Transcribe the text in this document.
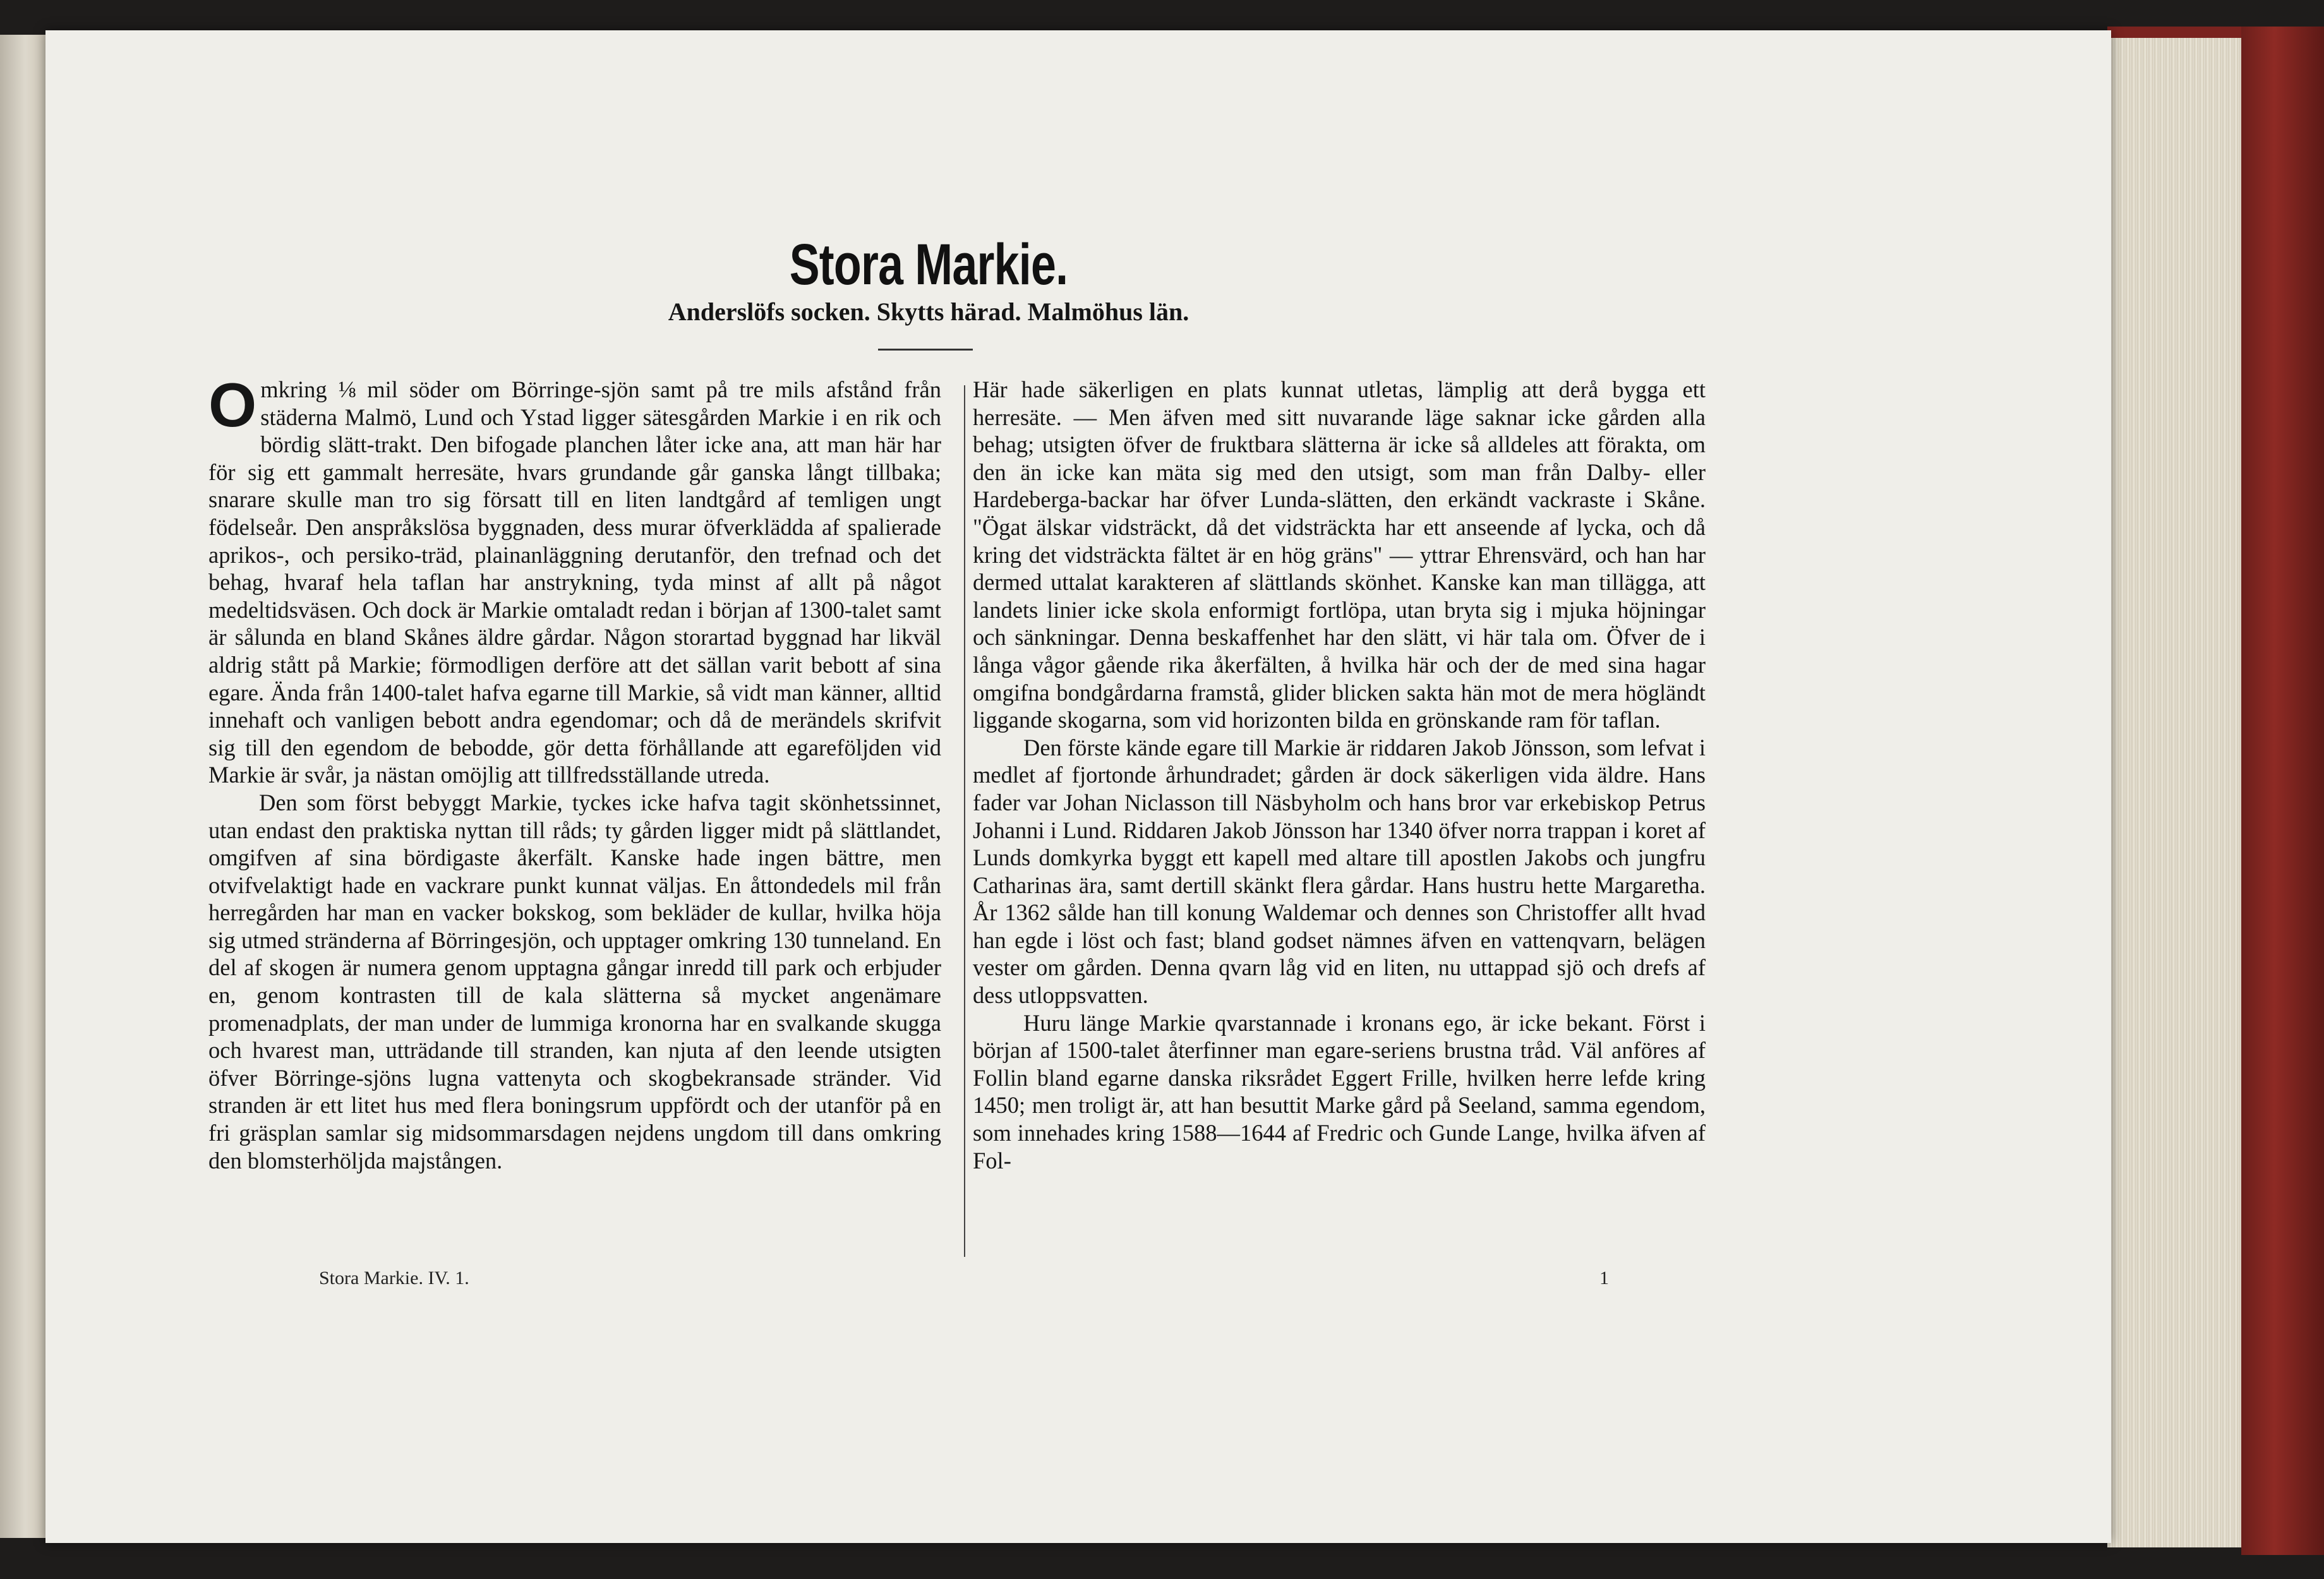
Stora Markie.
Anderslöfs socken. Skytts härad. Malmöhus län.

Omkring ⅛ mil söder om Börringe-sjön samt på tre mils afstånd från städerna Malmö, Lund och Ystad ligger sätesgården Markie i en rik och bördig slätt-trakt. Den bifogade planchen låter icke ana, att man här har för sig ett gammalt herresäte, hvars grundande går ganska långt tillbaka; snarare skulle man tro sig försatt till en liten landtgård af temligen ungt födelseår. Den anspråkslösa byggnaden, dess murar öfverklädda af spalierade aprikos-, och persiko-träd, plainanläggning derutanför, den trefnad och det behag, hvaraf hela taflan har anstrykning, tyda minst af allt på något medeltidsväsen. Och dock är Markie omtaladt redan i början af 1300-talet samt är sålunda en bland Skånes äldre gårdar. Någon storartad byggnad har likväl aldrig stått på Markie; förmodligen derföre att det sällan varit bebott af sina egare. Ända från 1400-talet hafva egarne till Markie, så vidt man känner, alltid innehaft och vanligen bebott andra egendomar; och då de merändels skrifvit sig till den egendom de bebodde, gör detta förhållande att egareföljden vid Markie är svår, ja nästan omöjlig att tillfredsställande utreda.

Den som först bebyggt Markie, tyckes icke hafva tagit skönhetssinnet, utan endast den praktiska nyttan till råds; ty gården ligger midt på slättlandet, omgifven af sina bördigaste åkerfält. Kanske hade ingen bättre, men otvifvelaktigt hade en vackrare punkt kunnat väljas. En åttondedels mil från herregården har man en vacker bokskog, som bekläder de kullar, hvilka höja sig utmed stränderna af Börringesjön, och upptager omkring 130 tunneland. En del af skogen är numera genom upptagna gångar inredd till park och erbjuder en, genom kontrasten till de kala slätterna så mycket angenämare promenadplats, der man under de lummiga kronorna har en svalkande skugga och hvarest man, utträdande till stranden, kan njuta af den leende utsigten öfver Börringe-sjöns lugna vattenyta och skogbekransade stränder. Vid stranden är ett litet hus med flera boningsrum uppfördt och der utanför på en fri gräsplan samlar sig midsommarsdagen nejdens ungdom till dans omkring den blomsterhöljda majstången.

Här hade säkerligen en plats kunnat utletas, lämplig att derå bygga ett herresäte. — Men äfven med sitt nuvarande läge saknar icke gården alla behag; utsigten öfver de fruktbara slätterna är icke så alldeles att förakta, om den än icke kan mäta sig med den utsigt, som man från Dalby- eller Hardeberga-backar har öfver Lunda-slätten, den erkändt vackraste i Skåne. "Ögat älskar vidsträckt, då det vidsträckta har ett anseende af lycka, och då kring det vidsträckta fältet är en hög gräns" — yttrar Ehrensvärd, och han har dermed uttalat karakteren af slättlands skönhet. Kanske kan man tillägga, att landets linier icke skola enformigt fortlöpa, utan bryta sig i mjuka höjningar och sänkningar. Denna beskaffenhet har den slätt, vi här tala om. Öfver de i långa vågor gående rika åkerfälten, å hvilka här och der de med sina hagar omgifna bondgårdarna framstå, glider blicken sakta hän mot de mera högländt liggande skogarna, som vid horizonten bilda en grönskande ram för taflan.

Den förste kände egare till Markie är riddaren Jakob Jönsson, som lefvat i medlet af fjortonde århundradet; gården är dock säkerligen vida äldre. Hans fader var Johan Niclasson till Näsbyholm och hans bror var erkebiskop Petrus Johanni i Lund. Riddaren Jakob Jönsson har 1340 öfver norra trappan i koret af Lunds domkyrka byggt ett kapell med altare till apostlen Jakobs och jungfru Catharinas ära, samt dertill skänkt flera gårdar. Hans hustru hette Margaretha. År 1362 sålde han till konung Waldemar och dennes son Christoffer allt hvad han egde i löst och fast; bland godset nämnes äfven en vattenqvarn, belägen vester om gården. Denna qvarn låg vid en liten, nu uttappad sjö och drefs af dess utloppsvatten.

Huru länge Markie qvarstannade i kronans ego, är icke bekant. Först i början af 1500-talet återfinner man egare-seriens brustna tråd. Väl anföres af Follin bland egarne danska riksrådet Eggert Frille, hvilken herre lefde kring 1450; men troligt är, att han besuttit Marke gård på Seeland, samma egendom, som innehades kring 1588—1644 af Fredric och Gunde Lange, hvilka äfven af Fol-

Stora Markie. IV. 1.	1
